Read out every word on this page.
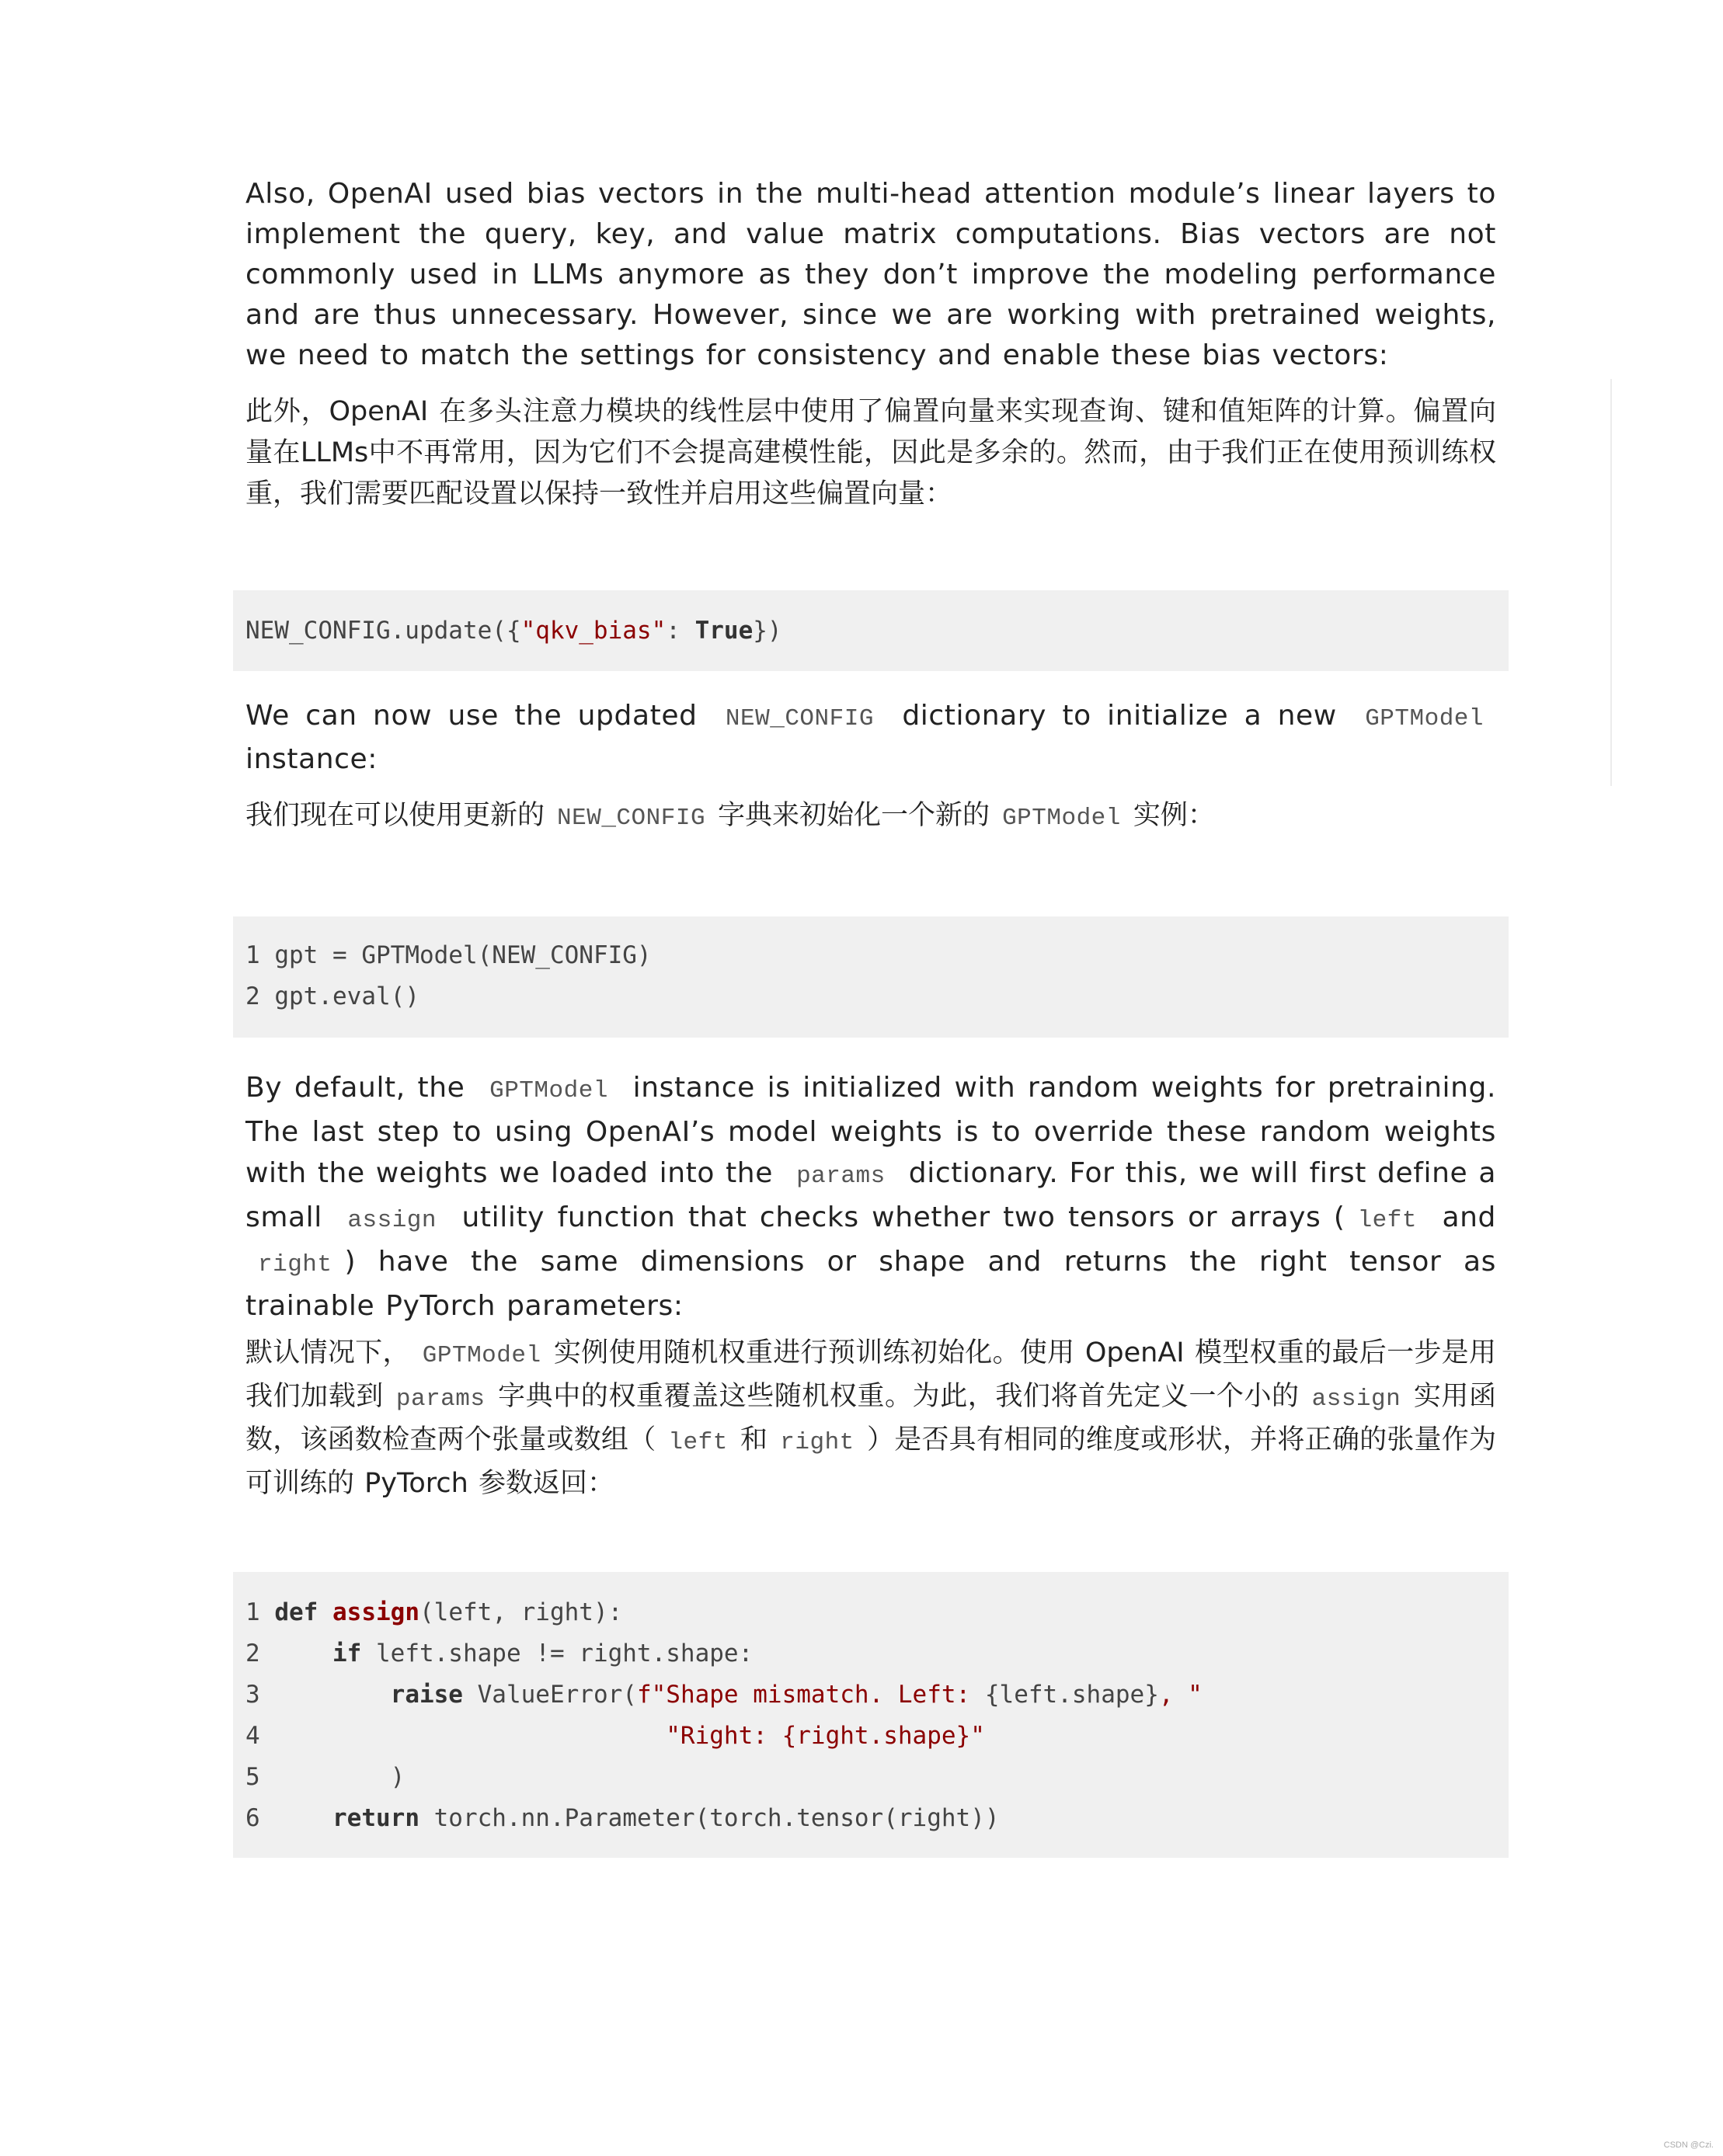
Also, OpenAI used bias vectors in the multi-head attention module’s linear layers to implement the query, key, and value matrix computations. Bias vectors are not commonly used in LLMs anymore as they don’t improve the modeling performance and are thus unnecessary. However, since we are working with pretrained weights, we need to match the settings for consistency and enable these bias vectors:

此外，OpenAI 在多头注意力模块的线性层中使用了偏置向量来实现查询、键和值矩阵的计算。偏置向量在LLMs中不再常用，因为它们不会提高建模性能，因此是多余的。然而，由于我们正在使用预训练权重，我们需要匹配设置以保持一致性并启用这些偏置向量：

NEW_CONFIG.update({"qkv_bias": True})

We can now use the updated NEW_CONFIG dictionary to initialize a new GPTModel instance:

我们现在可以使用更新的 NEW_CONFIG 字典来初始化一个新的 GPTModel 实例：

1 gpt = GPTModel(NEW_CONFIG)
2 gpt.eval()

By default, the GPTModel instance is initialized with random weights for pretraining. The last step to using OpenAI’s model weights is to override these random weights with the weights we loaded into the params dictionary. For this, we will first define a small assign utility function that checks whether two tensors or arrays ( left and right ) have the same dimensions or shape and returns the right tensor as trainable PyTorch parameters:

默认情况下， GPTModel 实例使用随机权重进行预训练初始化。使用 OpenAI 模型权重的最后一步是用我们加载到 params 字典中的权重覆盖这些随机权重。为此，我们将首先定义一个小的 assign 实用函数，该函数检查两个张量或数组（ left 和 right ）是否具有相同的维度或形状，并将正确的张量作为可训练的 PyTorch 参数返回：

1 def assign(left, right):
2	if left.shape != right.shape:
3	raise ValueError(f"Shape mismatch. Left: {left.shape}, "
4	"Right: {right.shape}"
5	)
6	return torch.nn.Parameter(torch.tensor(right))
CSDN @Czi.
